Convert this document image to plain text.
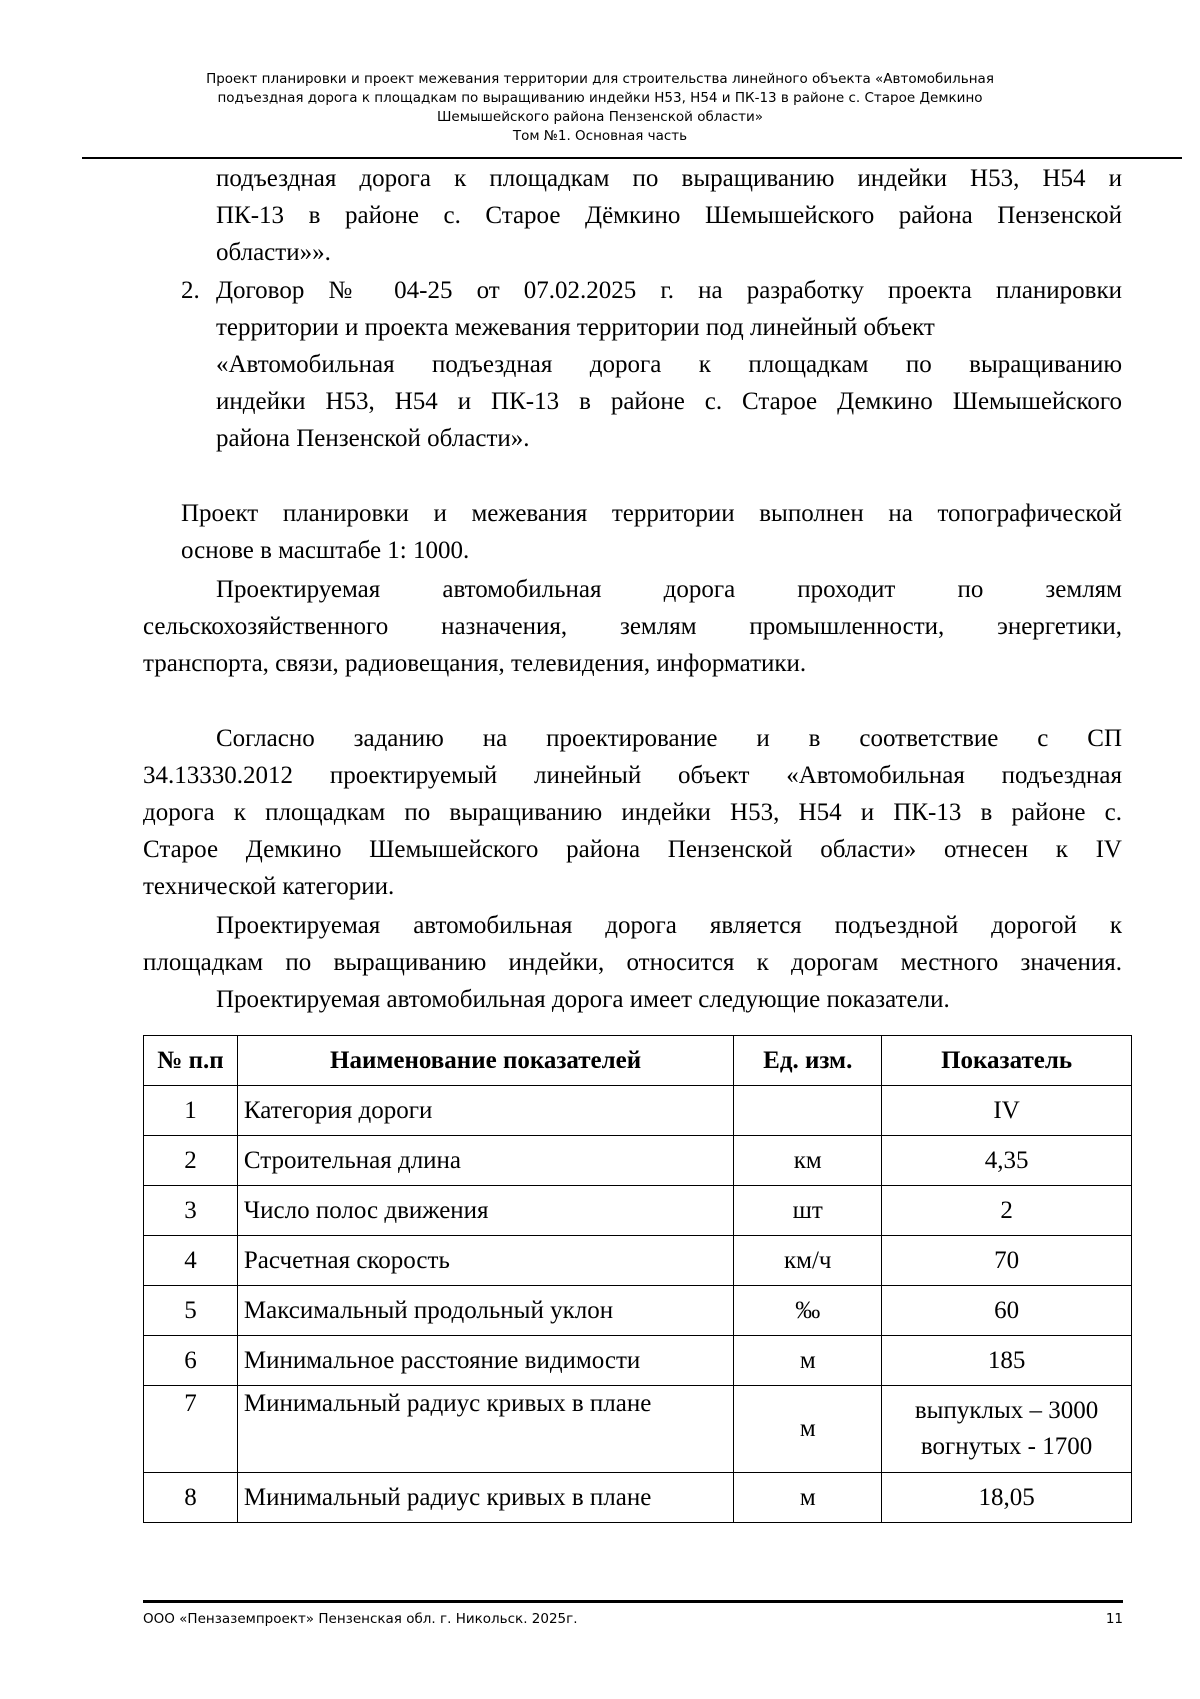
Проект планировки и проект межевания территории для строительства линейного объекта «Автомобильная
подъездная дорога к площадкам по выращиванию индейки Н53, Н54 и ПК-13 в районе с. Старое Демкино
Шемышейского района Пензенской области»
Том №1. Основная часть
подъездная дорога к площадкам по выращиванию индейки Н53, Н54 и
ПК-13 в районе с. Старое Дёмкино Шемышейского района Пензенской
области»».
2. Договор № 04-25 от 07.02.2025 г. на разработку проекта планировки
территории и проекта межевания территории под линейный объект
«Автомобильная подъездная дорога к площадкам по выращиванию
индейки Н53, Н54 и ПК-13 в районе с. Старое Демкино Шемышейского
района Пензенской области».
Проект планировки и межевания территории выполнен на топографической
основе в масштабе 1: 1000.
Проектируемая автомобильная дорога проходит по землям
сельскохозяйственного назначения, землям промышленности, энергетики,
транспорта, связи, радиовещания, телевидения, информатики.
Согласно заданию на проектирование и в соответствие с СП
34.13330.2012 проектируемый линейный объект «Автомобильная подъездная
дорога к площадкам по выращиванию индейки Н53, Н54 и ПК-13 в районе с.
Старое Демкино Шемышейского района Пензенской области» отнесен к IV
технической категории.
Проектируемая автомобильная дорога является подъездной дорогой к
площадкам по выращиванию индейки, относится к дорогам местного значения.
Проектируемая автомобильная дорога имеет следующие показатели.
№ п.п	Наименование показателей	Ед. изм.	Показатель
1	Категория дороги		IV
2	Строительная длина	км	4,35
3	Число полос движения	шт	2
4	Расчетная скорость	км/ч	70
5	Максимальный продольный уклон	‰	60
6	Минимальное расстояние видимости	м	185
7	Минимальный радиус кривых в плане	м	выпуклых – 3000
вогнутых - 1700

8	Минимальный радиус кривых в плане	м	18,05
ООО «Пензаземпроект» Пензенская обл. г. Никольск. 2025г.	11
